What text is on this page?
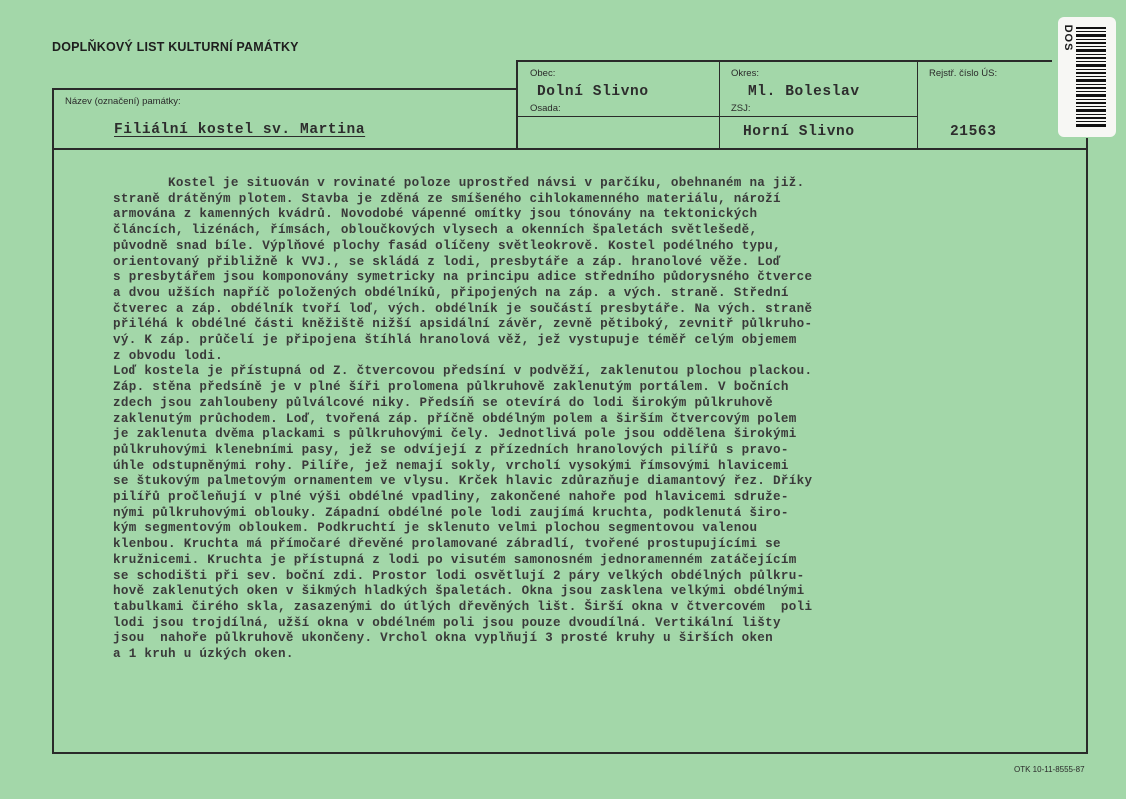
DOPLŇKOVÝ LIST KULTURNÍ PAMÁTKY
Obec:
Dolní Slivno
Osada:
Okres:
Ml. Boleslav
ZSJ:
Horní Slivno
Rejstř. číslo ÚS:
21563
Název (označení) památky:
Filiální kostel sv. Martina
DOS
Kostel je situován v rovinaté poloze uprostřed návsi v parčíku, obehnaném na již.
straně drátěným plotem. Stavba je zděná ze smíšeného cihlokamenného materiálu, nároží
armována z kamenných kvádrů. Novodobé vápenné omítky jsou tónovány na tektonických
článcích, lizénách, římsách, obloučkových vlysech a okenních špaletách světlešedě,
původně snad bíle. Výplňové plochy fasád olíčeny světleokrově. Kostel podélného typu,
orientovaný přibližně k VVJ., se skládá z lodi, presbytáře a záp. hranolové věže. Loď
s presbytářem jsou komponovány symetricky na principu adice středního půdorysného čtverce
a dvou užších napříč položených obdélníků, připojených na záp. a vých. straně. Střední
čtverec a záp. obdélník tvoří loď, vých. obdélník je součástí presbytáře. Na vých. straně
přiléhá k obdélné části kněžiště nižší apsidální závěr, zevně pětiboký, zevnitř půlkruho-
vý. K záp. průčelí je připojena štíhlá hranolová věž, jež vystupuje téměř celým objemem
z obvodu lodi.
Loď kostela je přístupná od Z. čtvercovou předsíní v podvěží, zaklenutou plochou plackou.
Záp. stěna předsíně je v plné šíři prolomena půlkruhově zaklenutým portálem. V bočních
zdech jsou zahloubeny půlválcové niky. Předsíň se otevírá do lodi širokým půlkruhově
zaklenutým průchodem. Loď, tvořená záp. příčně obdélným polem a širším čtvercovým polem
je zaklenuta dvěma plackami s půlkruhovými čely. Jednotlivá pole jsou oddělena širokými
půlkruhovými klenebními pasy, jež se odvíjejí z přízedních hranolových pilířů s pravo-
úhle odstupněnými rohy. Pilíře, jež nemají sokly, vrcholí vysokými římsovými hlavicemi
se štukovým palmetovým ornamentem ve vlysu. Krček hlavic zdůrazňuje diamantový řez. Dříky
pilířů pročleňují v plné výši obdélné vpadliny, zakončené nahoře pod hlavicemi sdruže-
nými půlkruhovými oblouky. Západní obdélné pole lodi zaujímá kruchta, podklenutá širo-
kým segmentovým obloukem. Podkruchtí je sklenuto velmi plochou segmentovou valenou
klenbou. Kruchta má přímočaré dřevěné prolamované zábradlí, tvořené prostupujícími se
kružnicemi. Kruchta je přístupná z lodi po visutém samonosném jednoramenném zatáčejícím
se schodišti při sev. boční zdi. Prostor lodi osvětlují 2 páry velkých obdélných půlkru-
hově zaklenutých oken v šikmých hladkých špaletách. Okna jsou zasklena velkými obdélnými
tabulkami čirého skla, zasazenými do útlých dřevěných lišt. Širší okna v čtvercovém  poli
lodi jsou trojdílná, užší okna v obdélném poli jsou pouze dvoudílná. Vertikální lišty
jsou  nahoře půlkruhově ukončeny. Vrchol okna vyplňují 3 prosté kruhy u širších oken
a 1 kruh u úzkých oken.
OTK 10-11-8555-87
